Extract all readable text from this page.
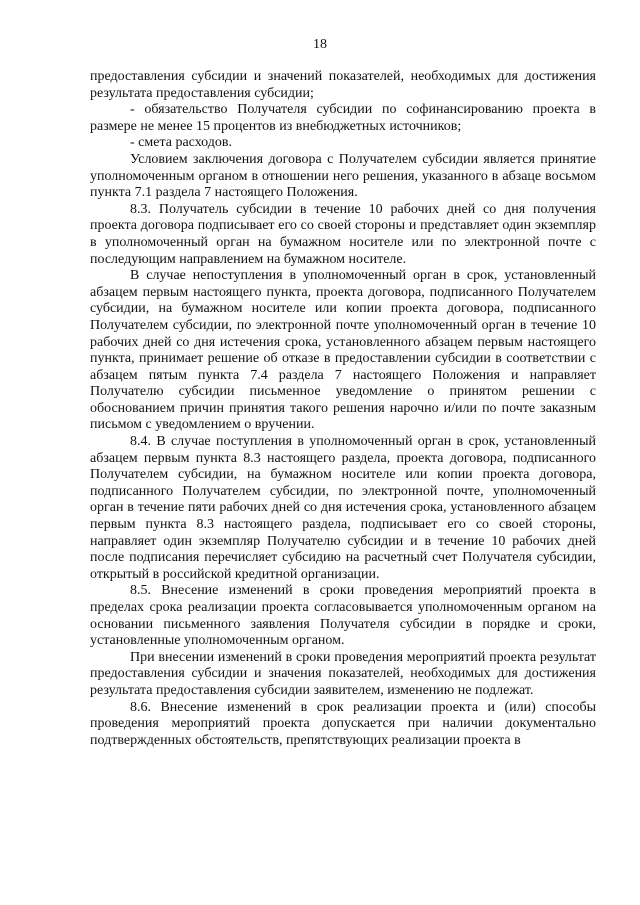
18

предоставления субсидии и значений показателей, необходимых для достижения результата предоставления субсидии;

- обязательство Получателя субсидии по софинансированию проекта в размере не менее 15 процентов из внебюджетных источников;

- смета расходов.

Условием заключения договора с Получателем субсидии является принятие уполномоченным органом в отношении него решения, указанного в абзаце восьмом пункта 7.1 раздела 7 настоящего Положения.

8.3. Получатель субсидии в течение 10 рабочих дней со дня получения проекта договора подписывает его со своей стороны и представляет один экземпляр в уполномоченный орган на бумажном носителе или по электронной почте с последующим направлением на бумажном носителе.

В случае непоступления в уполномоченный орган в срок, установленный абзацем первым настоящего пункта, проекта договора, подписанного Получателем субсидии, на бумажном носителе или копии проекта договора, подписанного Получателем субсидии, по электронной почте уполномоченный орган в течение 10 рабочих дней со дня истечения срока, установленного абзацем первым настоящего пункта, принимает решение об отказе в предоставлении субсидии в соответствии с абзацем пятым пункта 7.4 раздела 7 настоящего Положения и направляет Получателю субсидии письменное уведомление о принятом решении с обоснованием причин принятия такого решения нарочно и/или по почте заказным письмом с уведомлением о вручении.

8.4. В случае поступления в уполномоченный орган в срок, установленный абзацем первым пункта 8.3 настоящего раздела, проекта договора, подписанного Получателем субсидии, на бумажном носителе или копии проекта договора, подписанного Получателем субсидии, по электронной почте, уполномоченный орган в течение пяти рабочих дней со дня истечения срока, установленного абзацем первым пункта 8.3 настоящего раздела, подписывает его со своей стороны, направляет один экземпляр Получателю субсидии и в течение 10 рабочих дней после подписания перечисляет субсидию на расчетный счет Получателя субсидии, открытый в российской кредитной организации.

8.5. Внесение изменений в сроки проведения мероприятий проекта в пределах срока реализации проекта согласовывается уполномоченным органом на основании письменного заявления Получателя субсидии в порядке и сроки, установленные уполномоченным органом.

При внесении изменений в сроки проведения мероприятий проекта результат предоставления субсидии и значения показателей, необходимых для достижения результата предоставления субсидии заявителем, изменению не подлежат.

8.6. Внесение изменений в срок реализации проекта и (или) способы проведения мероприятий проекта допускается при наличии документально подтвержденных обстоятельств, препятствующих реализации проекта в
